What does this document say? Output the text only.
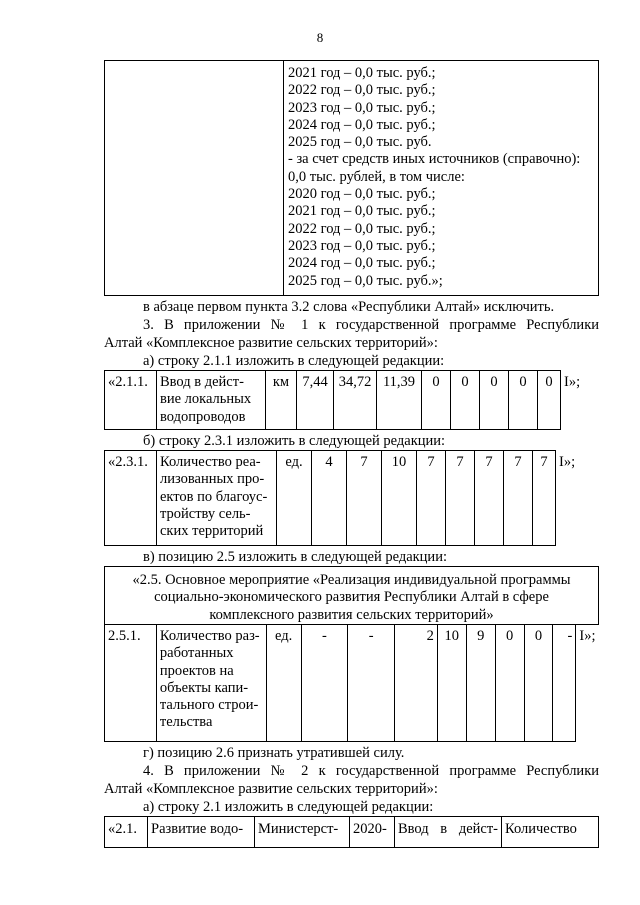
8

2021 год – 0,0 тыс. руб.;
2022 год – 0,0 тыс. руб.;
2023 год – 0,0 тыс. руб.;
2024 год – 0,0 тыс. руб.;
2025 год – 0,0 тыс. руб.
- за счет средств иных источников (справочно):
0,0 тыс. рублей, в том числе:
2020 год – 0,0 тыс. руб.;
2021 год – 0,0 тыс. руб.;
2022 год – 0,0 тыс. руб.;
2023 год – 0,0 тыс. руб.;
2024 год – 0,0 тыс. руб.;
2025 год – 0,0 тыс. руб.»;
в абзаце первом пункта 3.2 слова «Республики Алтай» исключить.
3. В приложении № 1 к государственной программе Республики
Алтай «Комплексное развитие сельских территорий»:
а) строку 2.1.1 изложить в следующей редакции:
«2.1.1.	Ввод в дейст-
вие локальных
водопроводов
	км	7,44	34,72	11,39	0	0	0	0	0	I»;
б) строку 2.3.1 изложить в следующей редакции:
«2.3.1.	Количество реа-
лизованных про-
ектов по благоус-
тройству сель-
ских территорий
	ед.	4	7	10	7	7	7	7	7	I»;
в) позицию 2.5 изложить в следующей редакции:
«2.5. Основное мероприятие «Реализация индивидуальной программы
социально-экономического развития Республики Алтай в сфере
комплексного развития сельских территорий»

2.5.1.	Количество раз-
работанных
проектов на
объекты капи-
тального строи-
тельства
	ед.	-	-	2	10	9	0	0	-	I»;
г) позицию 2.6 признать утратившей силу.
4. В приложении № 2 к государственной программе Республики
Алтай «Комплексное развитие сельских территорий»:
а) строку 2.1 изложить в следующей редакции:
«2.1.	Развитие водо-	Министерст-	2020-	Ввод в дейст-	Количество
